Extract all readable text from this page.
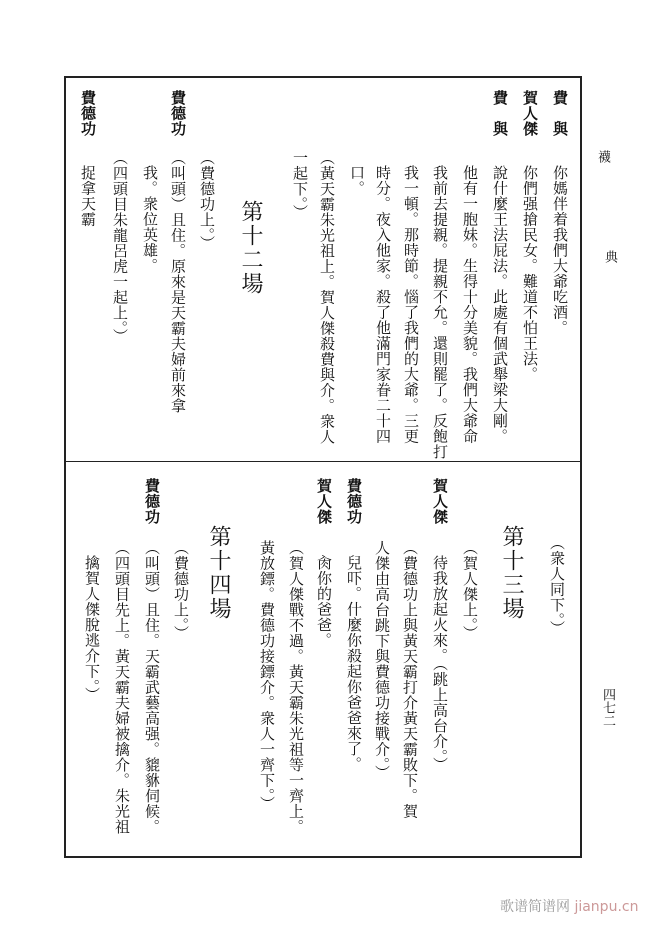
襪
典
四七二
費與
你媽伴着我們大爺吃酒。
賀人傑
你們强搶民女。難道不怕王法。
費與
說什麼王法屁法。此處有個武舉梁大剛。
他有一胞妹。生得十分美貌。我們大爺命
我前去提親。提親不允。還則罷了。反飽打
我一頓。那時節。惱了我們的大爺。三更
時分。夜入他家。殺了他滿門家眷二十四
口。
（黃天霸朱光祖上。賀人傑殺費與介。衆人
一起下。）
第十二場
（費德功上。）
費德功
（叫頭）且住。原來是天霸夫婦前來拿
我。衆位英雄。
（四頭目朱龍呂虎一起上。）
費德功
捉拿天霸
（衆人同下。）
第十三場
（賀人傑上。）
賀人傑
待我放起火來。（跳上高台介。）
（費德功上與黃天霸打介黃天霸敗下。賀
人傑由高台跳下與費德功接戰介。）
費德功
兒吓。什麼你殺起你爸爸來了。
賀人傑
肏你的爸爸。
（賀人傑戰不過。黃天霸朱光祖等一齊上。
黃放鏢。費德功接鏢介。衆人一齊下。）
第十四場
（費德功上。）
費德功
（叫頭）且住。天霸武藝高强。貔貅伺候。
（四頭目先上。黃天霸夫婦被擒介。朱光祖
擒賀人傑脫逃介下。）
歌谱简谱网 jianpu.cn
